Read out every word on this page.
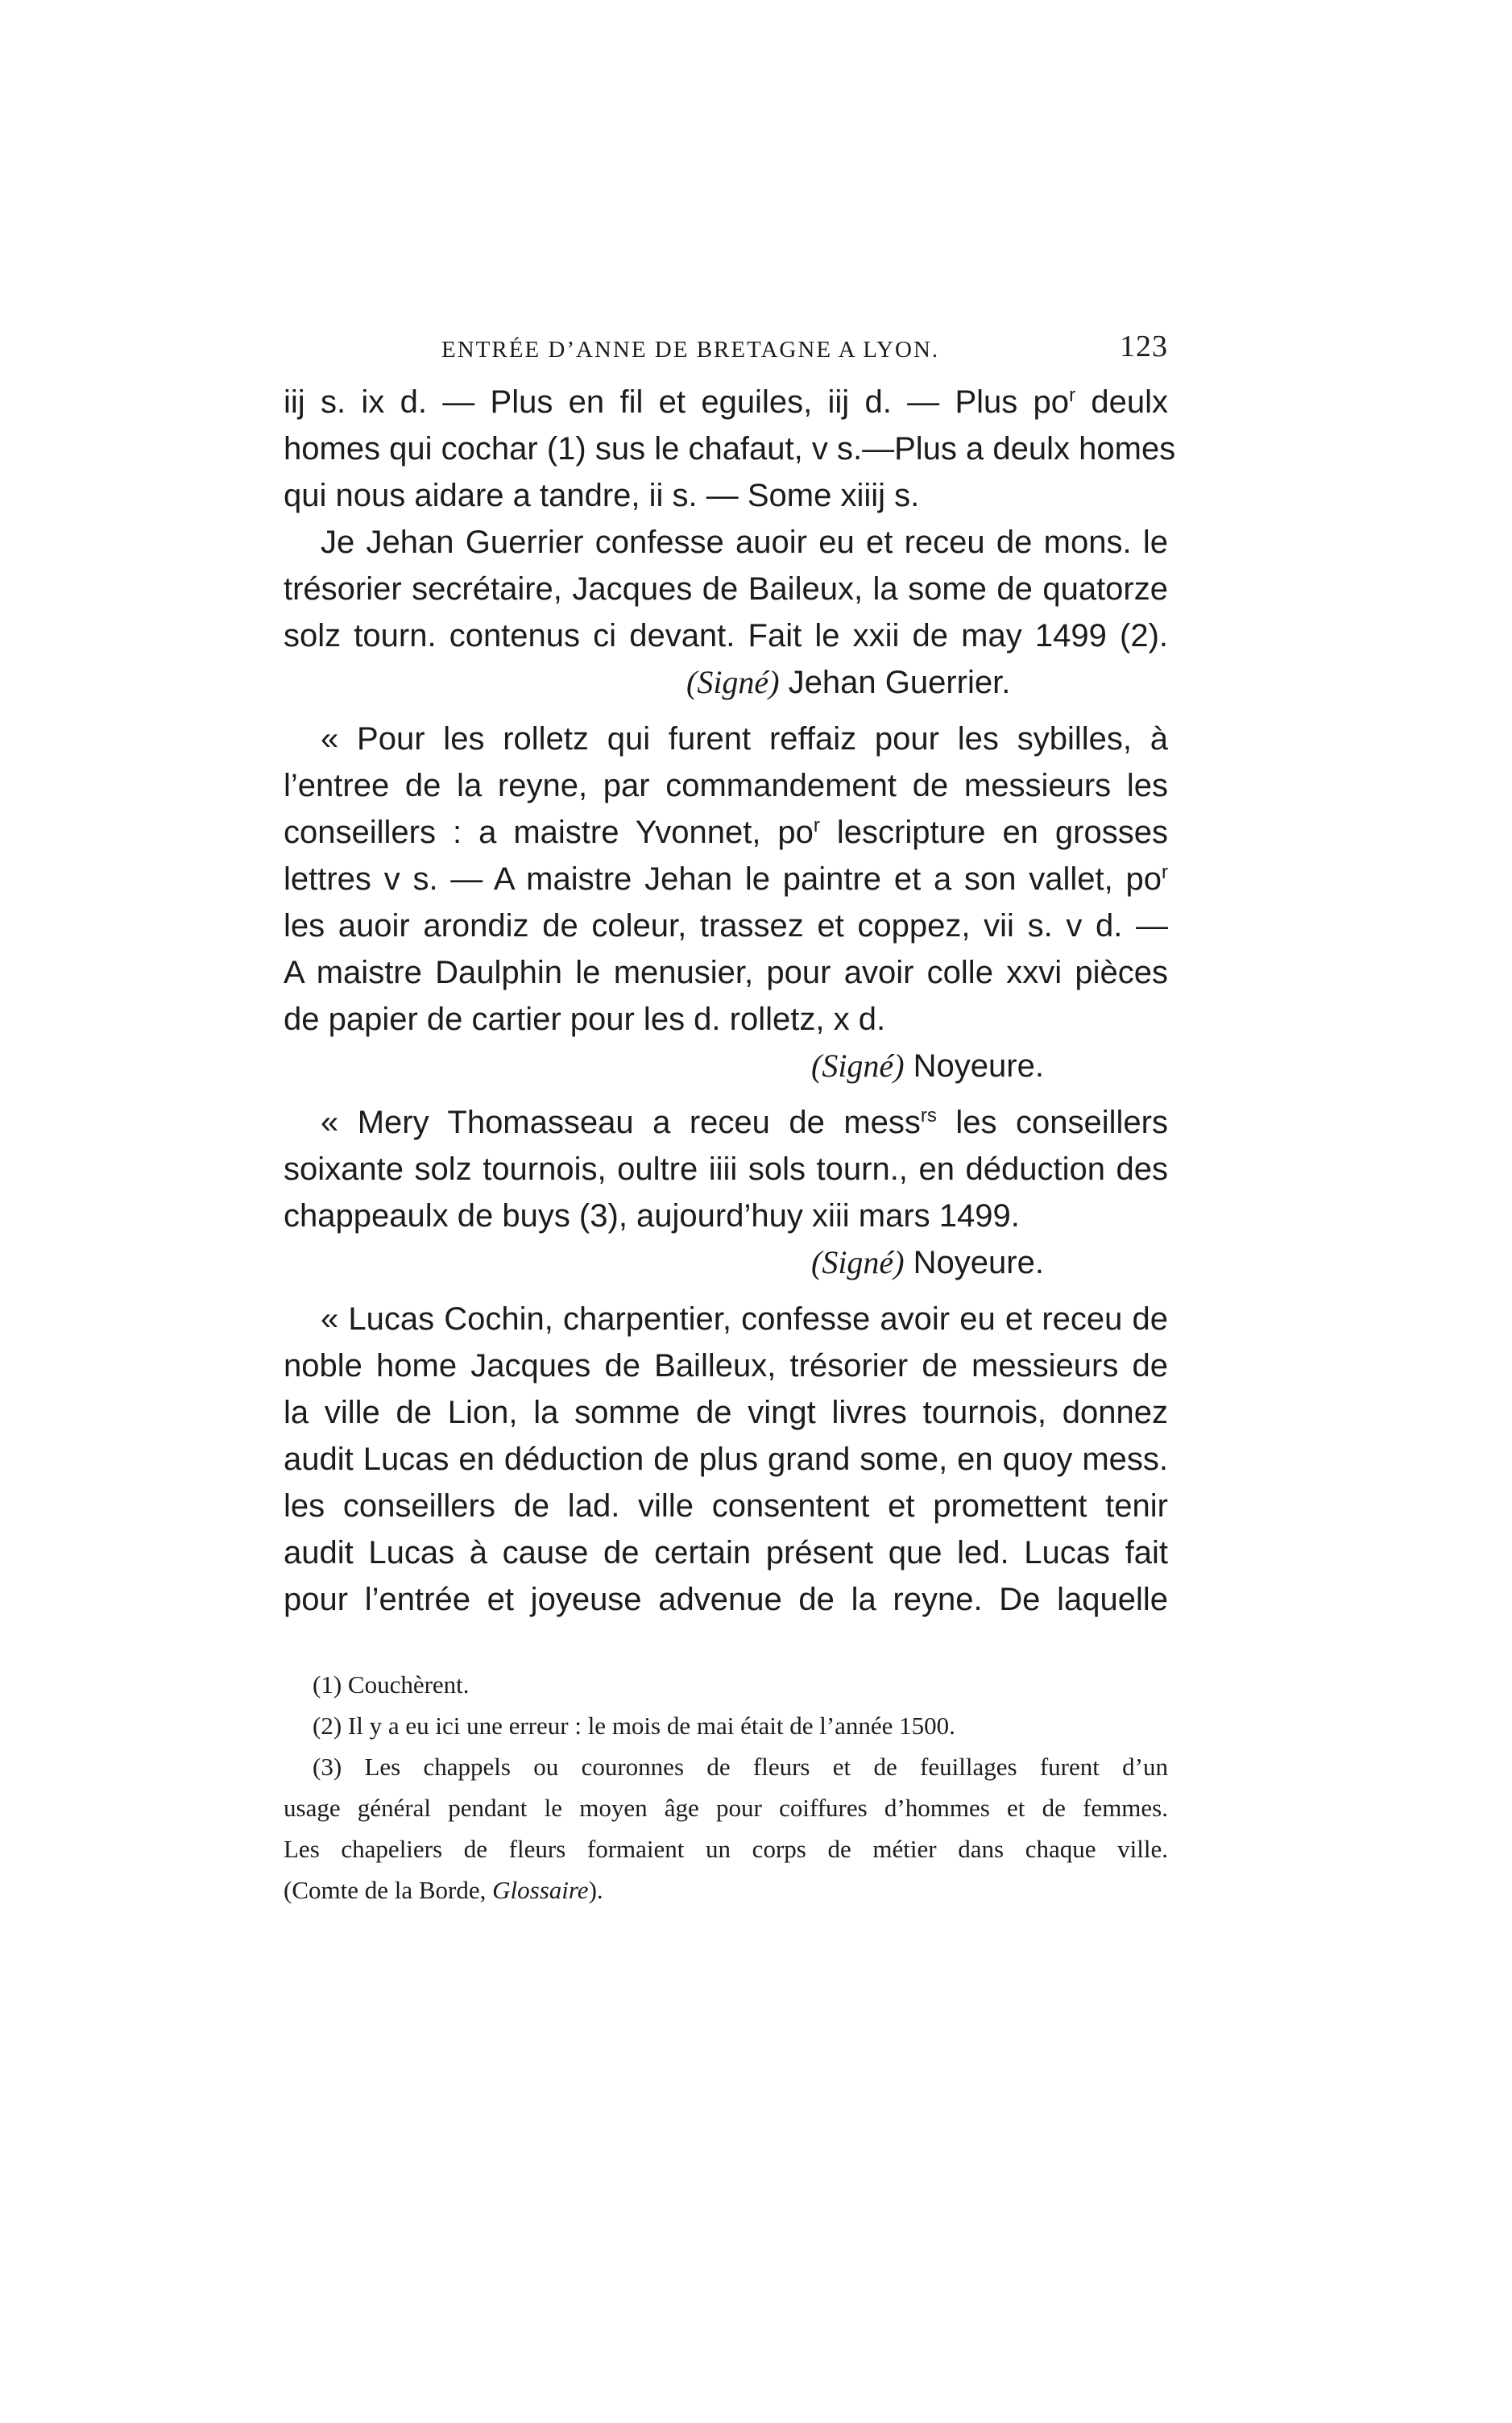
ENTRÉE D’ANNE DE BRETAGNE A LYON.	123
iij s. ix d. — Plus en fil et eguiles, iij d. — Plus $po^r$ deulx
homes qui cochar (1) sus le chafaut, v s.—Plus a deulx homes
qui nous aidare a tandre, ii s. — Some xiiij s.
Je Jehan Guerrier confesse auoir eu et receu de mons. le
trésorier secrétaire, Jacques de Baileux, la some de quatorze
solz tourn. contenus ci devant. Fait le xxii de may 1499 (2).
(Signé) Jehan Guerrier.
« Pour les rolletz qui furent reffaiz pour les sybilles, à
l’entree de la reyne, par commandement de messieurs les
conseillers : a maistre Yvonnet, $po^r$ lescripture en grosses
lettres v s. — A maistre Jehan le paintre et a son vallet, $po^r$
les auoir arondiz de coleur, trassez et coppez, vii s. v d. —
A maistre Daulphin le menusier, pour avoir colle xxvi pièces
de papier de cartier pour les d. rolletz, x d.
(Signé) Noyeure.
« Mery Thomasseau a receu de mess$^{rs}$ les conseillers
soixante solz tournois, oultre iiii sols tourn., en déduction des
chappeaulx de buys (3), aujourd’huy xiii mars 1499.
(Signé) Noyeure.
« Lucas Cochin, charpentier, confesse avoir eu et receu de
noble home Jacques de Bailleux, trésorier de messieurs de
la ville de Lion, la somme de vingt livres tournois, donnez
audit Lucas en déduction de plus grand some, en quoy mess.
les conseillers de lad. ville consentent et promettent tenir
audit Lucas à cause de certain présent que led. Lucas fait
pour l’entrée et joyeuse advenue de la reyne. De laquelle
(1) Couchèrent.
(2) Il y a eu ici une erreur : le mois de mai était de l’année 1500.
(3) Les chappels ou couronnes de fleurs et de feuillages furent d’un
usage général pendant le moyen âge pour coiffures d’hommes et de femmes.
Les chapeliers de fleurs formaient un corps de métier dans chaque ville.
(Comte de la Borde, Glossaire).
